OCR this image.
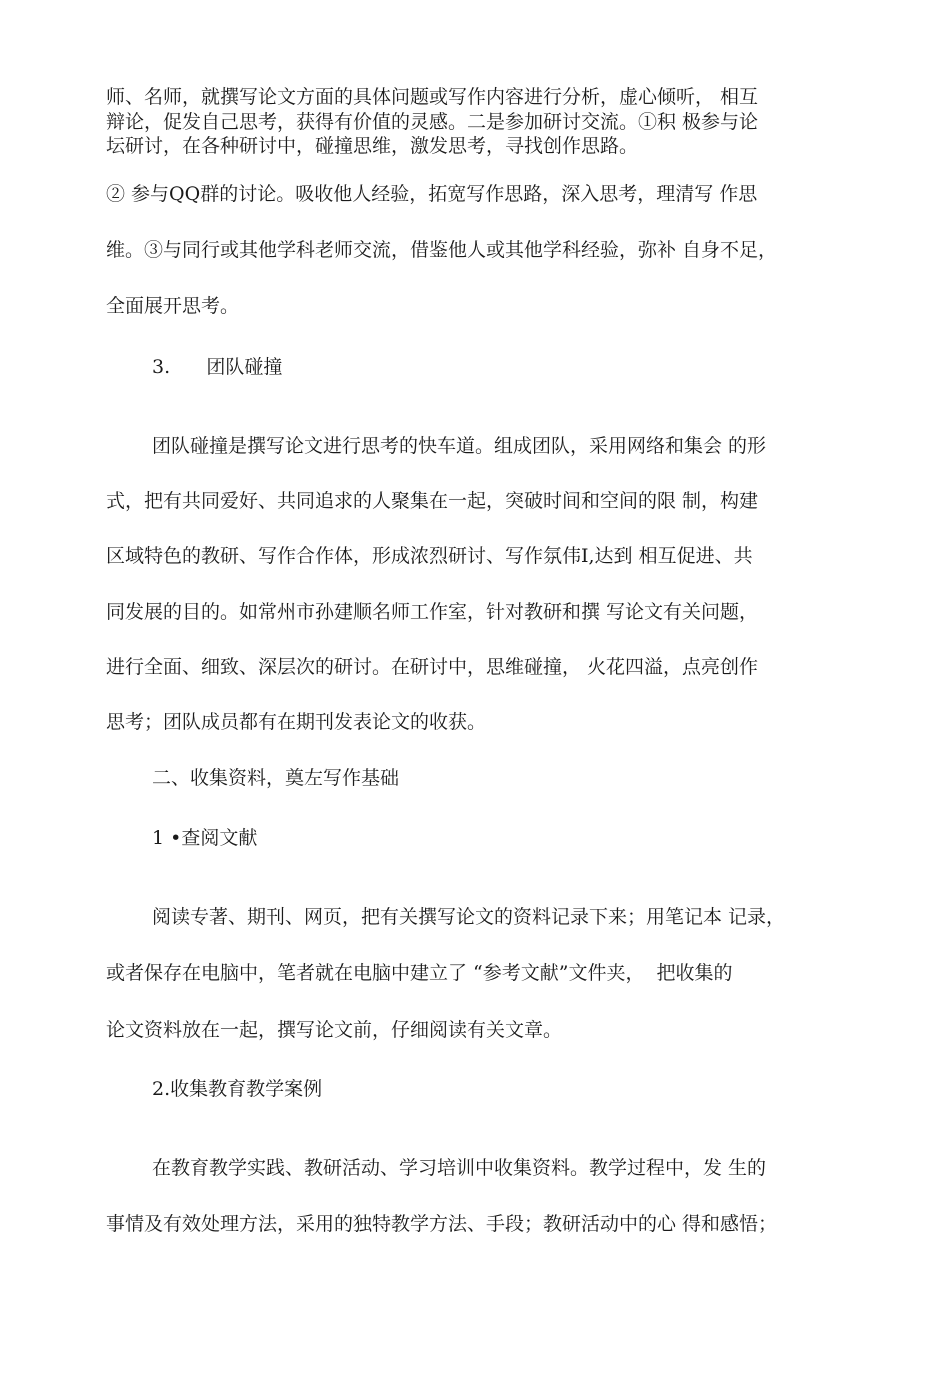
师、名师，就撰写论文方面的具体问题或写作内容进行分析，虚心倾听， 相互

辩论，促发自己思考，获得有价值的灵感。二是参加研讨交流。①积 极参与论

坛研讨，在各种研讨中，碰撞思维，激发思考，寻找创作思路。

② 参与QQ群的讨论。吸收他人经验，拓宽写作思路，深入思考，理清写 作思

维。③与同行或其他学科老师交流，借鉴他人或其他学科经验，弥补 自身不足，

全面展开思考。

3.      团队碰撞

团队碰撞是撰写论文进行思考的快车道。组成团队，采用网络和集会 的形

式，把有共同爱好、共同追求的人聚集在一起，突破时间和空间的限 制，构建

区域特色的教研、写作合作体，形成浓烈研讨、写作氛伟I,达到 相互促进、共

同发展的目的。如常州市孙建顺名师工作室，针对教研和撰 写论文有关问题，

进行全面、细致、深层次的研讨。在研讨中，思维碰撞， 火花四溢，点亮创作

思考；团队成员都有在期刊发表论文的收获。

二、收集资料，奠左写作基础

1 •查阅文献

阅读专著、期刊、网页，把有关撰写论文的资料记录下来；用笔记本 记录，

或者保存在电脑中，笔者就在电脑中建立了 “参考文献”文件夹，  把收集的

论文资料放在一起，撰写论文前，仔细阅读有关文章。

2.收集教育教学案例

在教育教学实践、教研活动、学习培训中收集资料。教学过程中，发 生的

事情及有效处理方法，采用的独特教学方法、手段；教研活动中的心 得和感悟；
